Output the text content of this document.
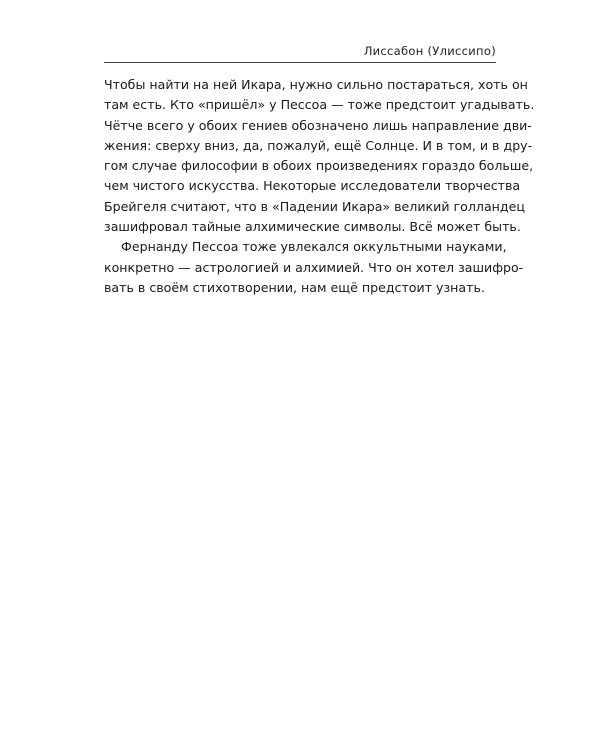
Лиссабон (Улиссипо)
Чтобы найти на ней Икара, нужно сильно постараться, хоть он
там есть. Кто «пришёл» у Пессоа — тоже предстоит угадывать.
Чётче всего у обоих гениев обозначено лишь направление дви-
жения: сверху вниз, да, пожалуй, ещё Солнце. И в том, и в дру-
гом случае философии в обоих произведениях гораздо больше,
чем чистого искусства. Некоторые исследователи творчества
Брейгеля считают, что в «Падении Икара» великий голландец
зашифровал тайные алхимические символы. Всё может быть.
Фернанду Пессоа тоже увлекался оккультными науками,
конкретно — астрологией и алхимией. Что он хотел зашифро-
вать в своём стихотворении, нам ещё предстоит узнать.
